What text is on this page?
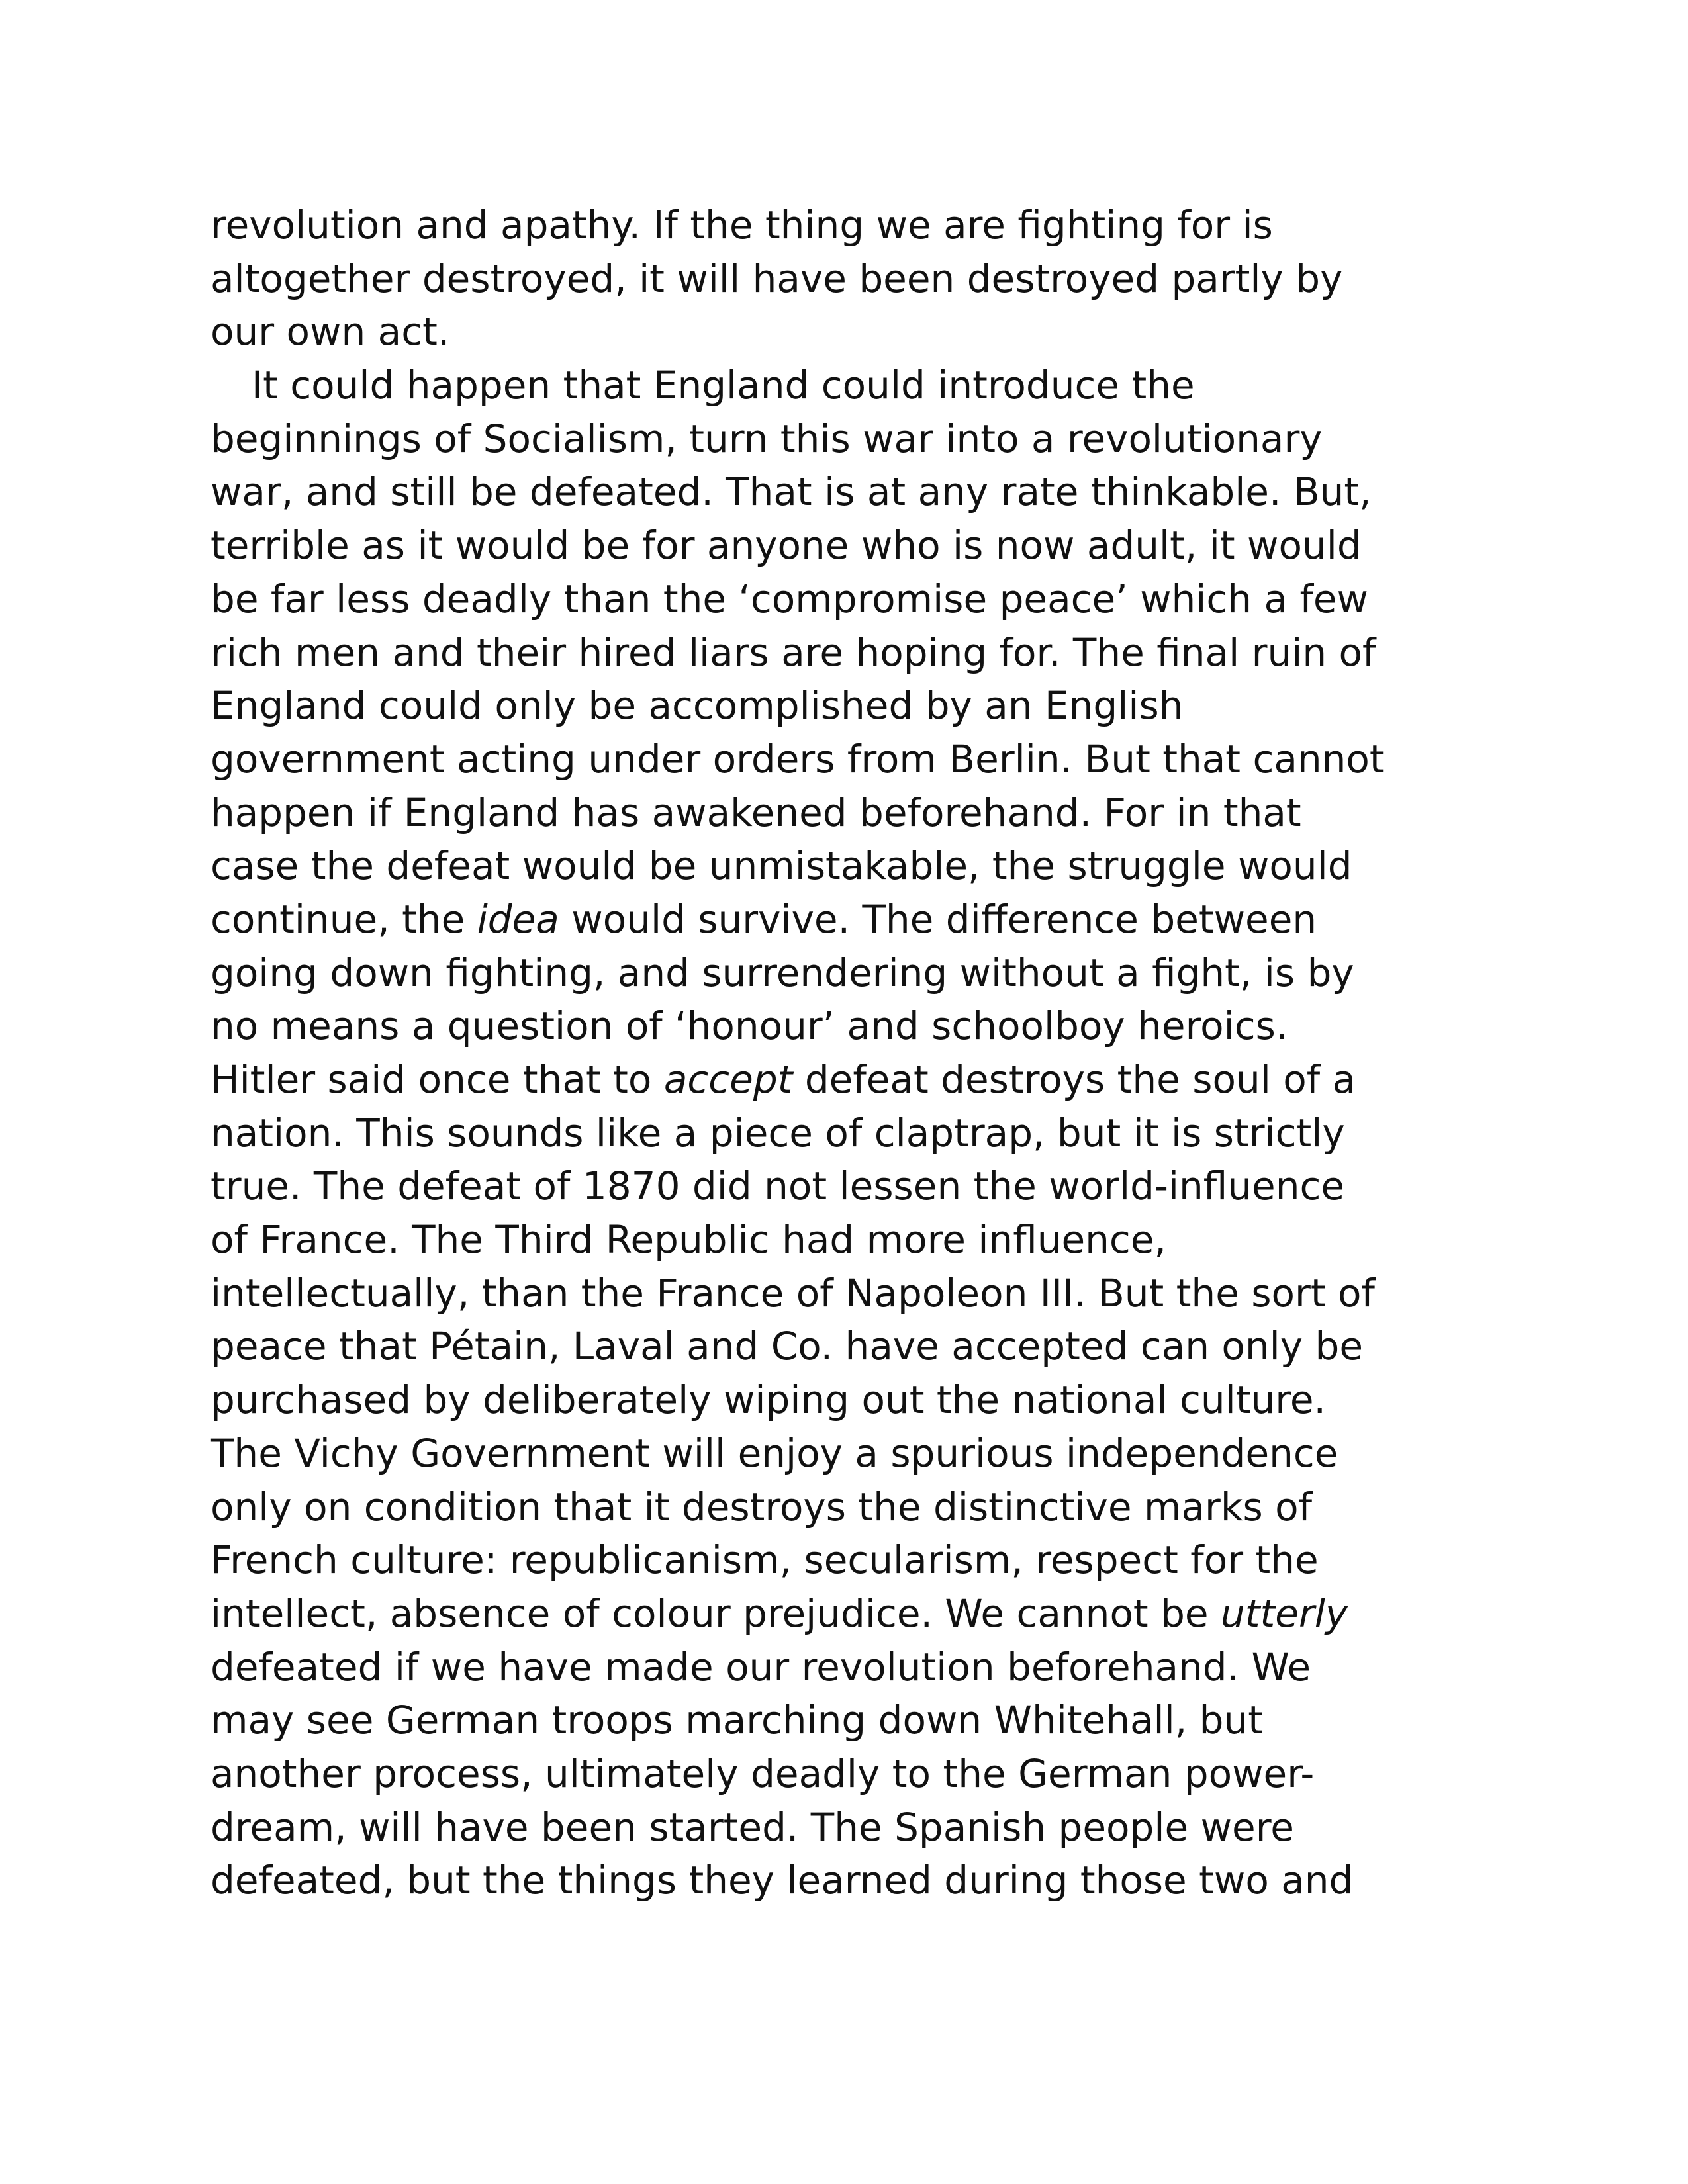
revolution and apathy. If the thing we are fighting for is
altogether destroyed, it will have been destroyed partly by
our own act.
It could happen that England could introduce the
beginnings of Socialism, turn this war into a revolutionary
war, and still be defeated. That is at any rate thinkable. But,
terrible as it would be for anyone who is now adult, it would
be far less deadly than the ‘compromise peace’ which a few
rich men and their hired liars are hoping for. The final ruin of
England could only be accomplished by an English
government acting under orders from Berlin. But that cannot
happen if England has awakened beforehand. For in that
case the defeat would be unmistakable, the struggle would
continue, the idea would survive. The difference between
going down fighting, and surrendering without a fight, is by
no means a question of ‘honour’ and schoolboy heroics.
Hitler said once that to accept defeat destroys the soul of a
nation. This sounds like a piece of claptrap, but it is strictly
true. The defeat of 1870 did not lessen the world-influence
of France. The Third Republic had more influence,
intellectually, than the France of Napoleon III. But the sort of
peace that Pétain, Laval and Co. have accepted can only be
purchased by deliberately wiping out the national culture.
The Vichy Government will enjoy a spurious independence
only on condition that it destroys the distinctive marks of
French culture: republicanism, secularism, respect for the
intellect, absence of colour prejudice. We cannot be utterly
defeated if we have made our revolution beforehand. We
may see German troops marching down Whitehall, but
another process, ultimately deadly to the German power-
dream, will have been started. The Spanish people were
defeated, but the things they learned during those two and
